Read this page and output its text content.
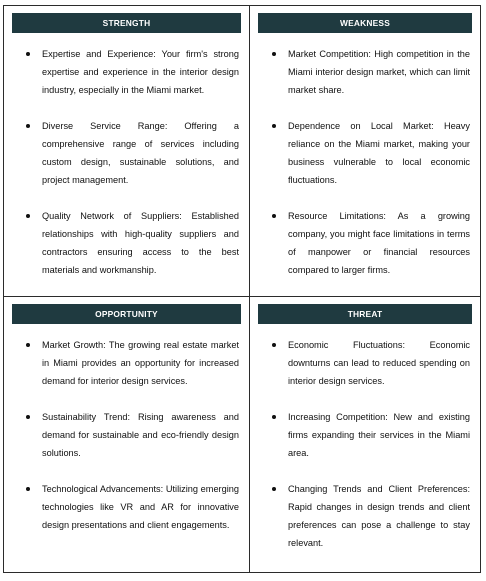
STRENGTH
Expertise and Experience: Your firm's strong expertise and experience in the interior design industry, especially in the Miami market.
Diverse Service Range: Offering a comprehensive range of services including custom design, sustainable solutions, and project management.
Quality Network of Suppliers: Established relationships with high-quality suppliers and contractors ensuring access to the best materials and workmanship.
WEAKNESS
Market Competition: High competition in the Miami interior design market, which can limit market share.
Dependence on Local Market: Heavy reliance on the Miami market, making your business vulnerable to local economic fluctuations.
Resource Limitations: As a growing company, you might face limitations in terms of manpower or financial resources compared to larger firms.
OPPORTUNITY
Market Growth: The growing real estate market in Miami provides an opportunity for increased demand for interior design services.
Sustainability Trend: Rising awareness and demand for sustainable and eco-friendly design solutions.
Technological Advancements: Utilizing emerging technologies like VR and AR for innovative design presentations and client engagements.
THREAT
Economic Fluctuations: Economic downturns can lead to reduced spending on interior design services.
Increasing Competition: New and existing firms expanding their services in the Miami area.
Changing Trends and Client Preferences: Rapid changes in design trends and client preferences can pose a challenge to stay relevant.
